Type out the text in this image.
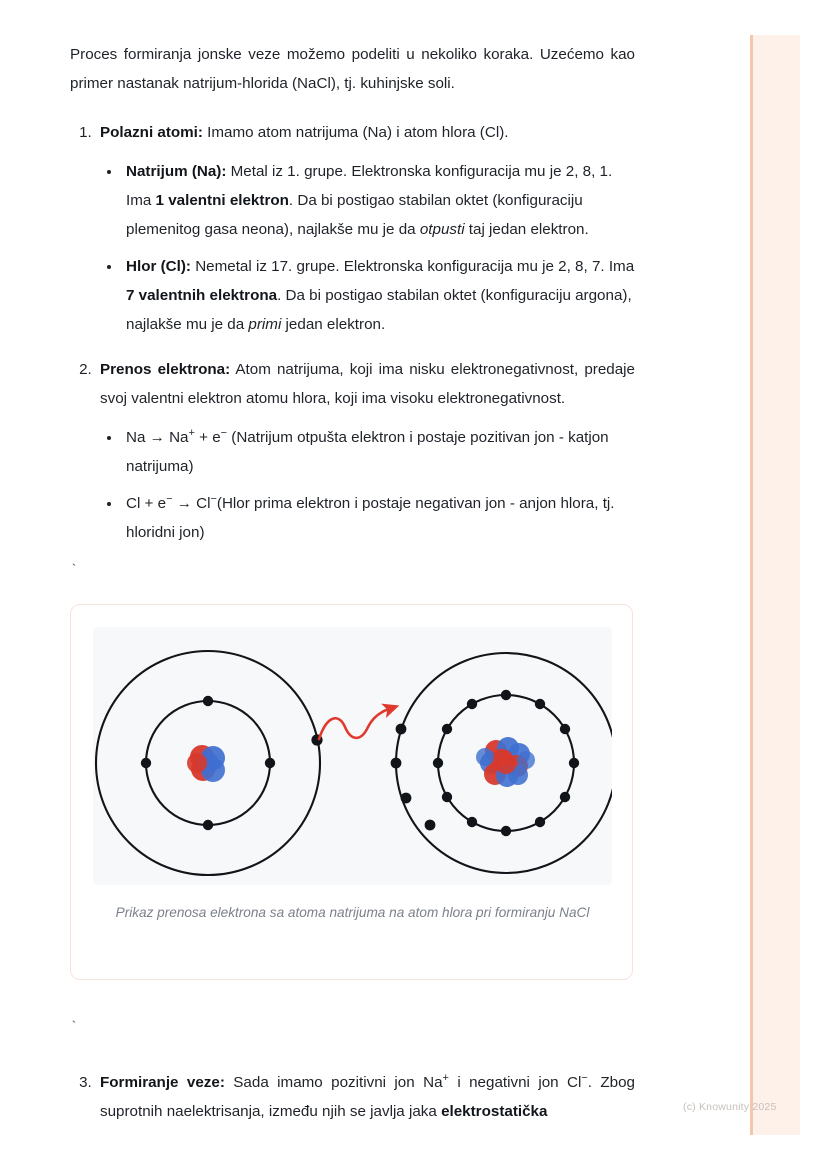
Proces formiranja jonske veze možemo podeliti u nekoliko koraka. Uzećemo kao primer nastanak natrijum-hlorida (NaCl), tj. kuhinjske soli.

1. Polazni atomi: Imamo atom natrijuma (Na) i atom hlora (Cl).
• Natrijum (Na): Metal iz 1. grupe. Elektronska konfiguracija mu je 2, 8, 1. Ima 1 valentni elektron. Da bi postigao stabilan oktet (konfiguraciju plemenitog gasa neona), najlakše mu je da otpusti taj jedan elektron.
• Hlor (Cl): Nemetal iz 17. grupe. Elektronska konfiguracija mu je 2, 8, 7. Ima 7 valentnih elektrona. Da bi postigao stabilan oktet (konfiguraciju argona), najlakše mu je da primi jedan elektron.
2. Prenos elektrona: Atom natrijuma, koji ima nisku elektronegativnost, predaje svoj valentni elektron atomu hlora, koji ima visoku elektronegativnost.
• Na → Na+ + e− (Natrijum otpušta elektron i postaje pozitivan jon - katjon natrijuma)
• Cl + e− → Cl−(Hlor prima elektron i postaje negativan jon - anjon hlora, tj. hloridni jon)

`

Prikaz prenosa elektrona sa atoma natrijuma na atom hlora pri formiranju NaCl

`

3. Formiranje veze: Sada imamo pozitivni jon Na+ i negativni jon Cl−. Zbog suprotnih naelektrisanja, između njih se javlja jaka elektrostatička	(c) Knowunity 2025
